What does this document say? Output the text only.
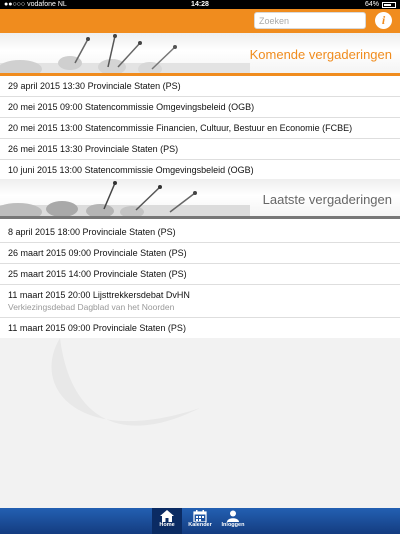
●●○○○ vodafone NL	14:28	64%
Zoeken
i
Komende vergaderingen
29 april 2015 13:30 Provinciale Staten (PS)
20 mei 2015 09:00 Statencommissie Omgevingsbeleid (OGB)
20 mei 2015 13:00 Statencommissie Financien, Cultuur, Bestuur en Economie (FCBE)
26 mei 2015 13:30 Provinciale Staten (PS)
10 juni 2015 13:00 Statencommissie Omgevingsbeleid (OGB)
Laatste vergaderingen
8 april 2015 18:00 Provinciale Staten (PS)
26 maart 2015 09:00 Provinciale Staten (PS)
25 maart 2015 14:00 Provinciale Staten (PS)
11 maart 2015 20:00 Lijsttrekkersdebat DvHN
Verkiezingsdebad Dagblad van het Noorden
11 maart 2015 09:00 Provinciale Staten (PS)
Home	Kalender	Inloggen
